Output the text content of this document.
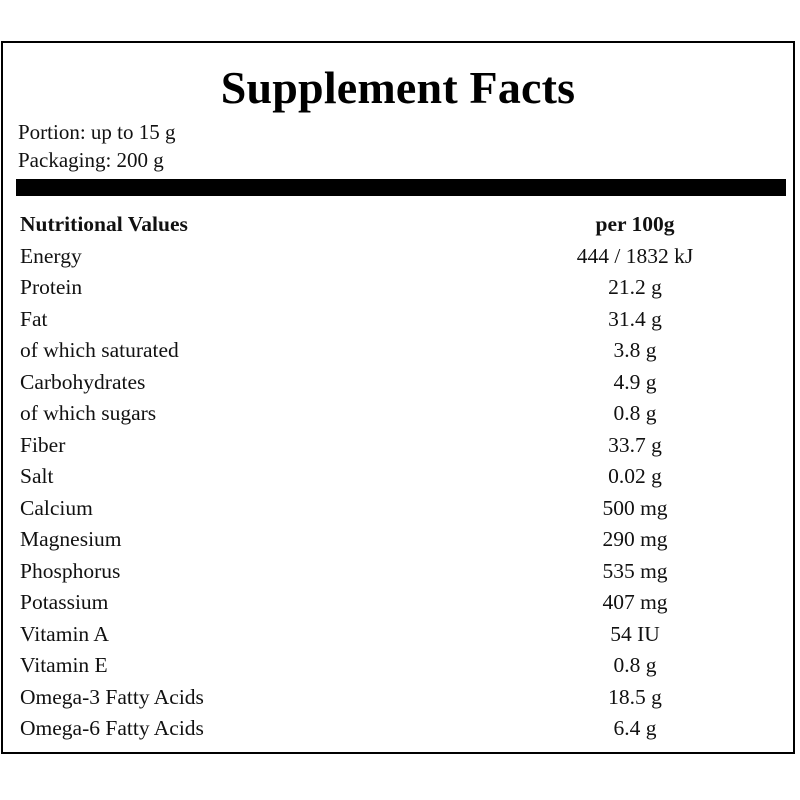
Supplement Facts
Portion: up to 15 g
Packaging: 200 g
Nutritional Values	per 100g
Energy	444 / 1832 kJ
Protein	21.2 g
Fat	31.4 g
of which saturated	3.8 g
Carbohydrates	4.9 g
of which sugars	0.8 g
Fiber	33.7 g
Salt	0.02 g
Calcium	500 mg
Magnesium	290 mg
Phosphorus	535 mg
Potassium	407 mg
Vitamin A	54 IU
Vitamin E	0.8 g
Omega-3 Fatty Acids	18.5 g
Omega-6 Fatty Acids	6.4 g
